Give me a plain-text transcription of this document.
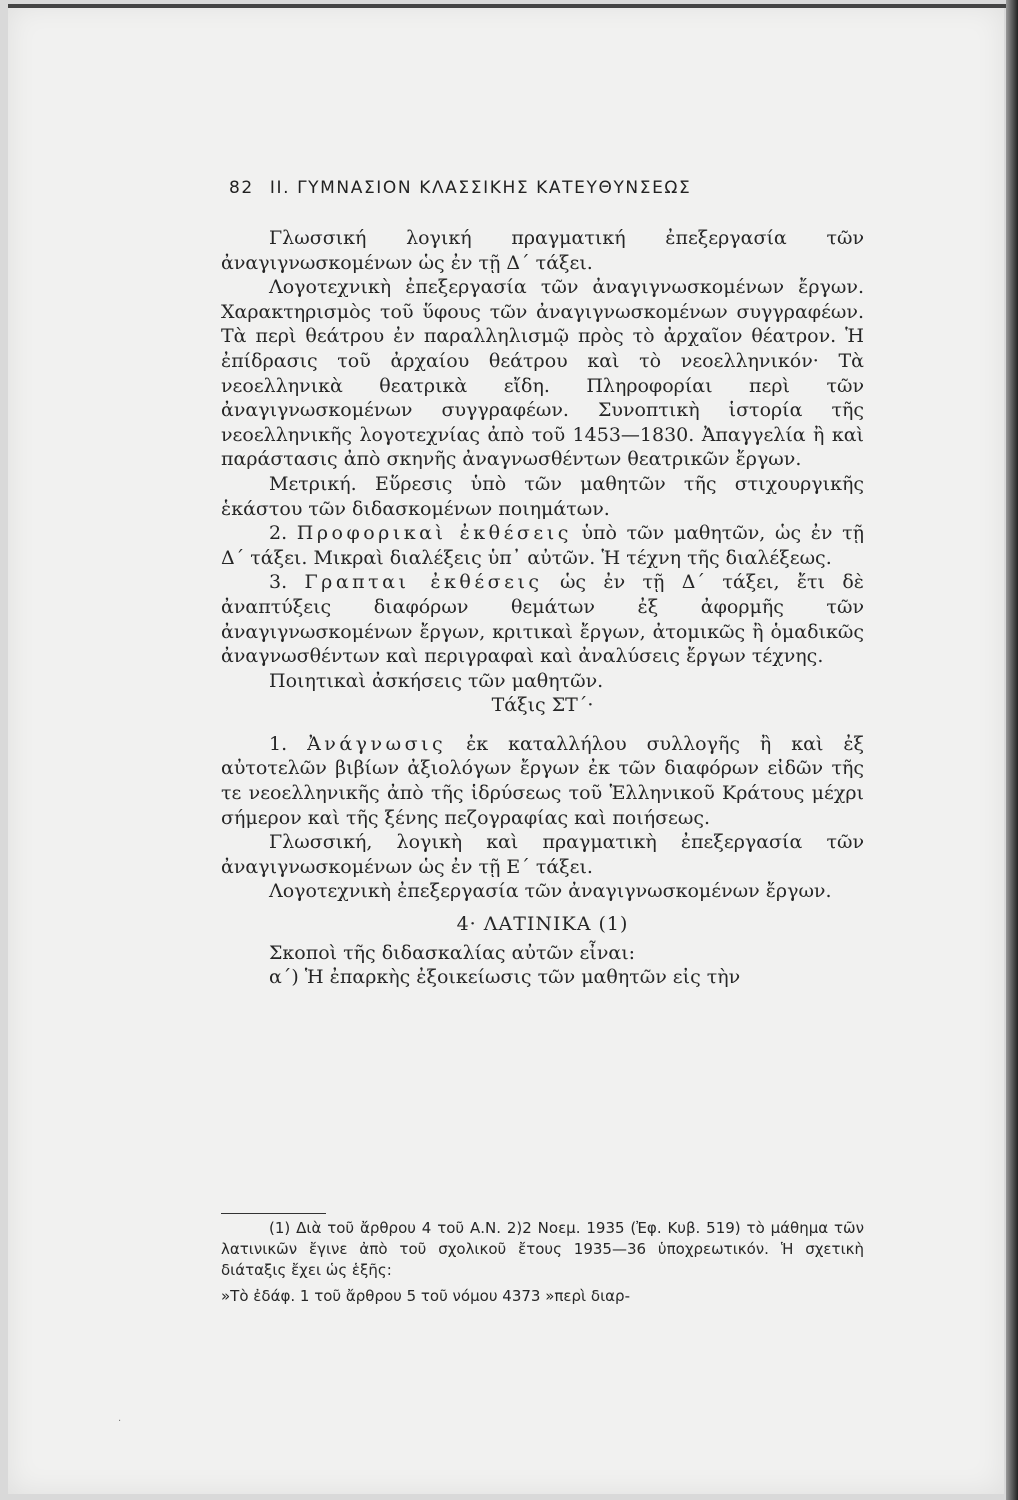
82 II. ΓΥΜΝΑΣΙΟΝ ΚΛΑΣΣΙΚΗΣ ΚΑΤΕΥΘΥΝΣΕΩΣ

Γλωσσική λογική πραγματική ἐπεξεργασία τῶν ἀναγιγνωσκομένων ὡς ἐν τῇ Δ΄ τάξει.

Λογοτεχνικὴ ἐπεξεργασία τῶν ἀναγιγνωσκομένων ἔργων. Χαρακτηρισμὸς τοῦ ὕφους τῶν ἀναγιγνωσκομένων συγγραφέων. Τὰ περὶ θεάτρου ἐν παραλληλισμῷ πρὸς τὸ ἀρχαῖον θέατρον. Ἡ ἐπίδρασις τοῦ ἀρχαίου θεάτρου καὶ τὸ νεοελληνικόν· Τὰ νεοελληνικὰ θεατρικὰ εἴδη. Πληροφορίαι περὶ τῶν ἀναγιγνωσκομένων συγγραφέων. Συνοπτικὴ ἱστορία τῆς νεοελληνικῆς λογοτεχνίας ἀπὸ τοῦ 1453—1830. Ἀπαγγελία ἢ καὶ παράστασις ἀπὸ σκηνῆς ἀναγνωσθέντων θεατρικῶν ἔργων.

Μετρική. Εὕρεσις ὑπὸ τῶν μαθητῶν τῆς στιχουργικῆς ἑκάστου τῶν διδασκομένων ποιημάτων.

2. Προφορικαὶ ἐκθέσεις ὑπὸ τῶν μαθητῶν, ὡς ἐν τῇ Δ΄ τάξει. Μικραὶ διαλέξεις ὑπ᾿ αὐτῶν. Ἡ τέχνη τῆς διαλέξεως.

3. Γραπται ἐκθέσεις ὡς ἐν τῇ Δ΄ τάξει, ἔτι δὲ ἀναπτύξεις διαφόρων θεμάτων ἐξ ἀφορμῆς τῶν ἀναγιγνωσκομένων ἔργων, κριτικαὶ ἔργων, ἀτομικῶς ἢ ὁμαδικῶς ἀναγνωσθέντων καὶ περιγραφαὶ καὶ ἀναλύσεις ἔργων τέχνης.

Ποιητικαὶ ἀσκήσεις τῶν μαθητῶν.

Τάξις ΣΤ΄·

1. Ἀνάγνωσις ἐκ καταλλήλου συλλογῆς ἢ καὶ ἐξ αὐτοτελῶν βιβίων ἀξιολόγων ἔργων ἐκ τῶν διαφόρων εἰδῶν τῆς τε νεοελληνικῆς ἀπὸ τῆς ἱδρύσεως τοῦ Ἑλληνικοῦ Κράτους μέχρι σήμερον καὶ τῆς ξένης πεζογραφίας καὶ ποιήσεως.

Γλωσσική, λογικὴ καὶ πραγματικὴ ἐπεξεργασία τῶν ἀναγιγνωσκομένων ὡς ἐν τῇ Ε΄ τάξει.

Λογοτεχνικὴ ἐπεξεργασία τῶν ἀναγιγνωσκομένων ἔργων.

4· ΛΑΤΙΝΙΚΑ (1)

Σκοποὶ τῆς διδασκαλίας αὐτῶν εἶναι:

α΄) Ἡ ἐπαρκὴς ἐξοικείωσις τῶν μαθητῶν εἰς τὴν

(1) Διὰ τοῦ ἄρθρου 4 τοῦ Α.Ν. 2)2 Νοεμ. 1935 (Ἐφ. Κυβ. 519) τὸ μάθημα τῶν λατινικῶν ἔγινε ἀπὸ τοῦ σχολικοῦ ἔτους 1935—36 ὑποχρεωτικόν. Ἡ σχετικὴ διάταξις ἔχει ὡς ἑξῆς:

»Τὸ ἐδάφ. 1 τοῦ ἄρθρου 5 τοῦ νόμου 4373 »περὶ διαρ-

·
